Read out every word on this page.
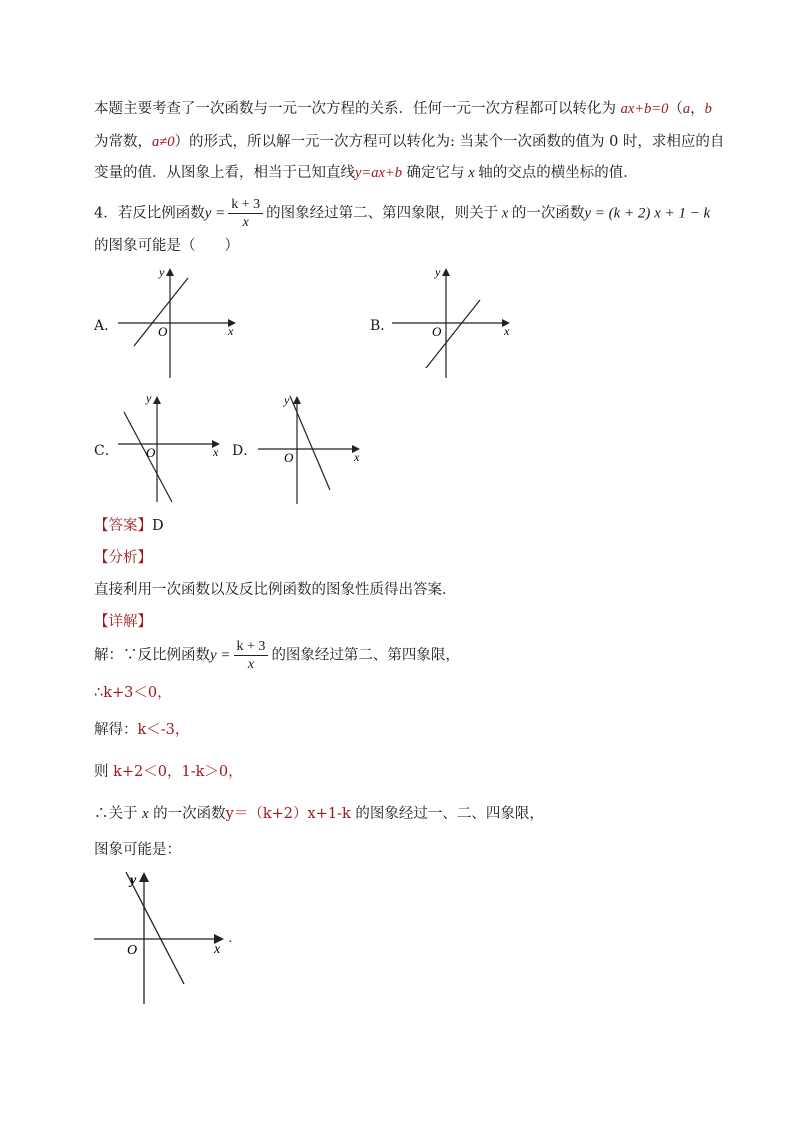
本题主要考查了一次函数与一元一次方程的关系．任何一元一次方程都可以转化为 ax+b=0（a，b
为常数，a≠0）的形式，所以解一元一次方程可以转化为: 当某个一次函数的值为 0 时，求相应的自
变量的值．从图象上看，相当于已知直线y=ax+b 确定它与 x 轴的交点的横坐标的值．
4．若反比例函数$y = \frac{k + 3}{x}$ 的图象经过第二、第四象限，则关于 x 的一次函数y = (k + 2) x + 1 − k
的图象可能是（　　）
A．	x
y
O	B．	x
y
O
C．	x
y
O	D．	x
y
O
【答案】D
【分析】
直接利用一次函数以及反比例函数的图象性质得出答案．
【详解】
解：∵反比例函数$y = \frac{k + 3}{x}$ 的图象经过第二、第四象限，
∴k+3＜0，
解得：k＜-3，
则 k+2＜0，1-k＞0，
∴关于 x 的一次函数y＝（k+2）x+1-k 的图象经过一、二、四象限，
图象可能是：
x
y
O
．
